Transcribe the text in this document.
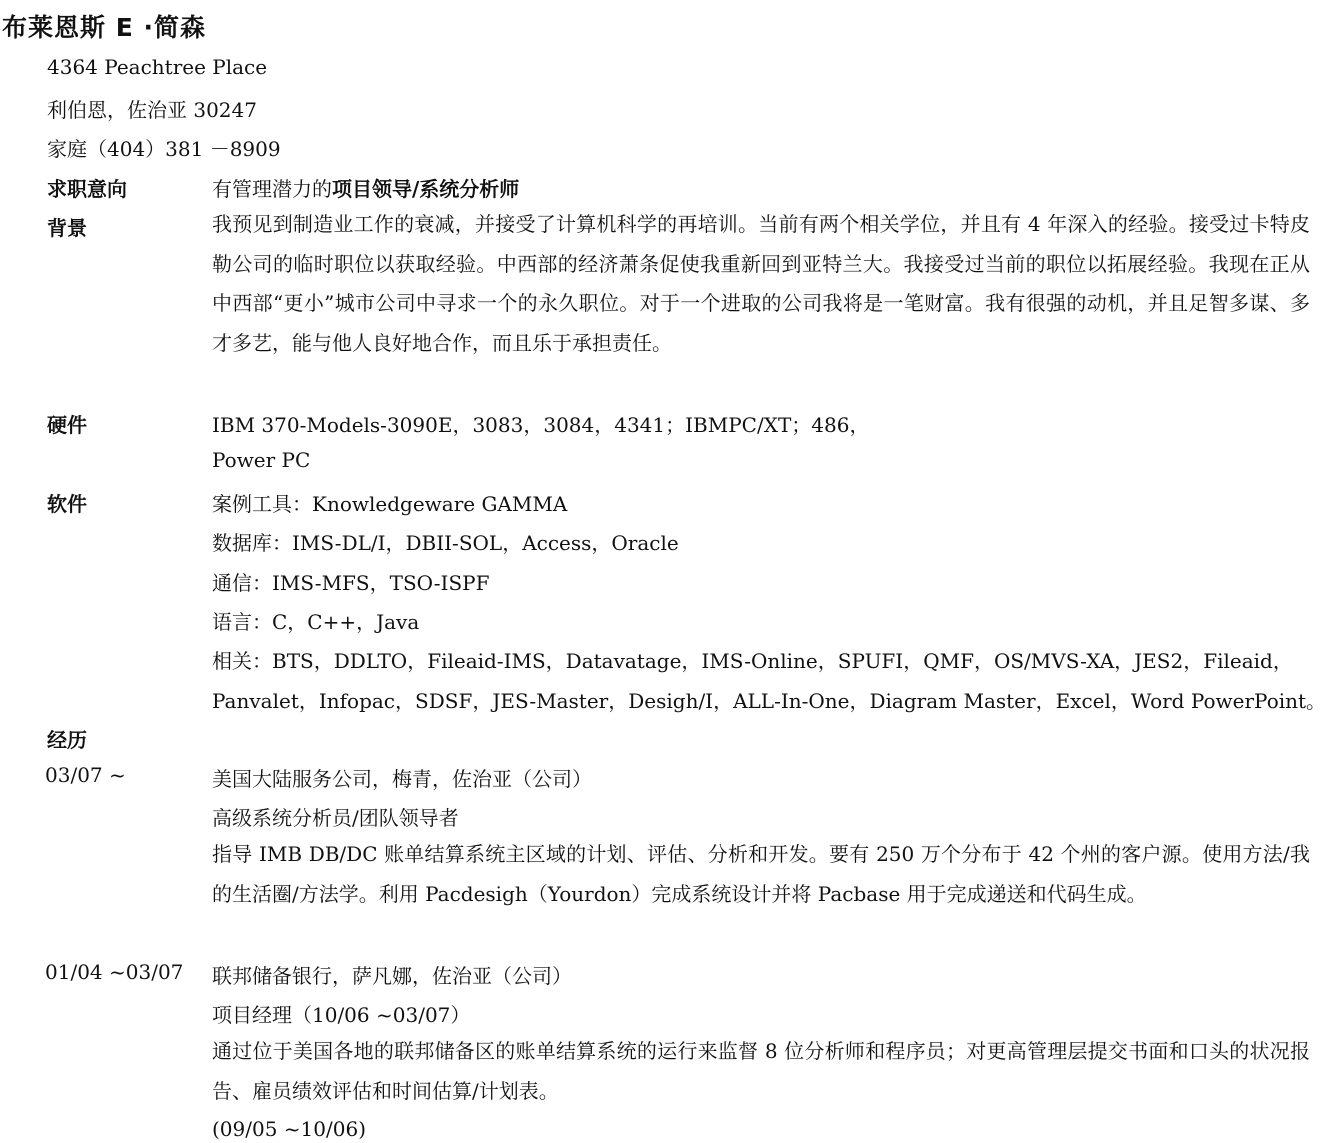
布莱恩斯 E ·简森
4364 Peachtree Place
利伯恩，佐治亚 30247
家庭（404）381 －8909
求职意向	有管理潜力的项目领导/系统分析师
背景	我预见到制造业工作的衰减，并接受了计算机科学的再培训。当前有两个相关学位，并且有 4 年深入的经验。接受过卡特皮勒公司的临时职位以获取经验。中西部的经济萧条促使我重新回到亚特兰大。我接受过当前的职位以拓展经验。我现在正从中西部“更小”城市公司中寻求一个的永久职位。对于一个进取的公司我将是一笔财富。我有很强的动机，并且足智多谋、多才多艺，能与他人良好地合作，而且乐于承担责任。
硬件	IBM 370-Models-3090E，3083，3084，4341；IBMPC/XT；486，
Power PC
软件	案例工具：Knowledgeware GAMMA
数据库：IMS-DL/I，DBII-SOL，Access，Oracle
通信：IMS-MFS，TSO-ISPF
语言：C，C++，Java
相关：BTS，DDLTO，Fileaid-IMS，Datavatage，IMS-Online，SPUFI，QMF，OS/MVS-XA，JES2，Fileaid，
Panvalet，Infopac，SDSF，JES-Master，Desigh/I，ALL-In-One，Diagram Master，Excel，Word PowerPoint。
经历
03/07 ~	美国大陆服务公司，梅青，佐治亚（公司）
高级系统分析员/团队领导者
指导 IMB DB/DC 账单结算系统主区域的计划、评估、分析和开发。要有 250 万个分布于 42 个州的客户源。使用方法/我的生活圈/方法学。利用 Pacdesigh（Yourdon）完成系统设计并将 Pacbase 用于完成递送和代码生成。
01/04 ~03/07 联邦储备银行，萨凡娜，佐治亚（公司）
项目经理（10/06 ~03/07）
通过位于美国各地的联邦储备区的账单结算系统的运行来监督 8 位分析师和程序员；对更高管理层提交书面和口头的状况报告、雇员绩效评估和时间估算/计划表。
(09/05 ~10/06)
